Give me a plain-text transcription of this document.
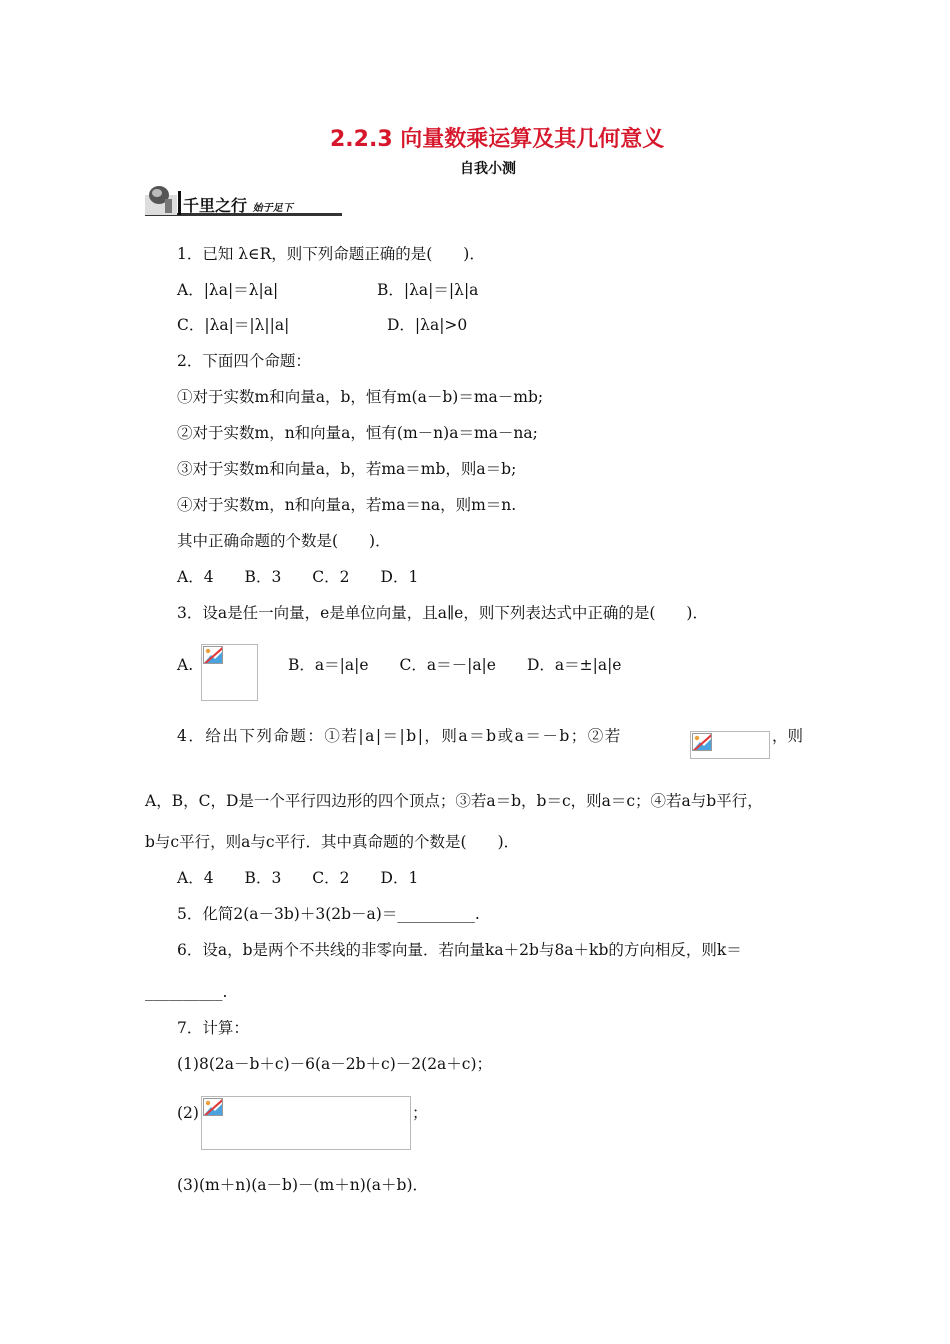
2.2.3 向量数乘运算及其几何意义
自我小测
千里之行 始于足下
1．已知 λ∈R，则下列命题正确的是(　　)．
A．|λa|＝λ|a|	B．|λa|＝|λ|a
C．|λa|＝|λ||a|	D．|λa|>0
2．下面四个命题：
①对于实数m和向量a，b，恒有m(a－b)＝ma－mb;
②对于实数m，n和向量a，恒有(m－n)a＝ma－na;
③对于实数m和向量a，b，若ma＝mb，则a＝b;
④对于实数m，n和向量a，若ma＝na，则m＝n.
其中正确命题的个数是(　　)．
A．4　　B．3　　C．2　　D．1
3．设a是任一向量，e是单位向量，且a∥e，则下列表达式中正确的是(　　)．
A.	B．a＝|a|e　　C．a＝－|a|e　　D．a＝±|a|e
4．给出下列命题：①若|a|＝|b|，则a＝b或a＝－b；②若	，则
A，B，C，D是一个平行四边形的四个顶点；③若a＝b，b＝c，则a＝c；④若a与b平行，
b与c平行，则a与c平行．其中真命题的个数是(　　)．
A．4　　B．3　　C．2　　D．1
5．化简2(a－3b)＋3(2b－a)＝__________.
6．设a，b是两个不共线的非零向量．若向量ka＋2b与8a＋kb的方向相反，则k＝
__________.
7．计算：
(1)8(2a－b＋c)－6(a－2b＋c)－2(2a＋c)；
(2)	；
(3)(m＋n)(a－b)－(m＋n)(a＋b)．
